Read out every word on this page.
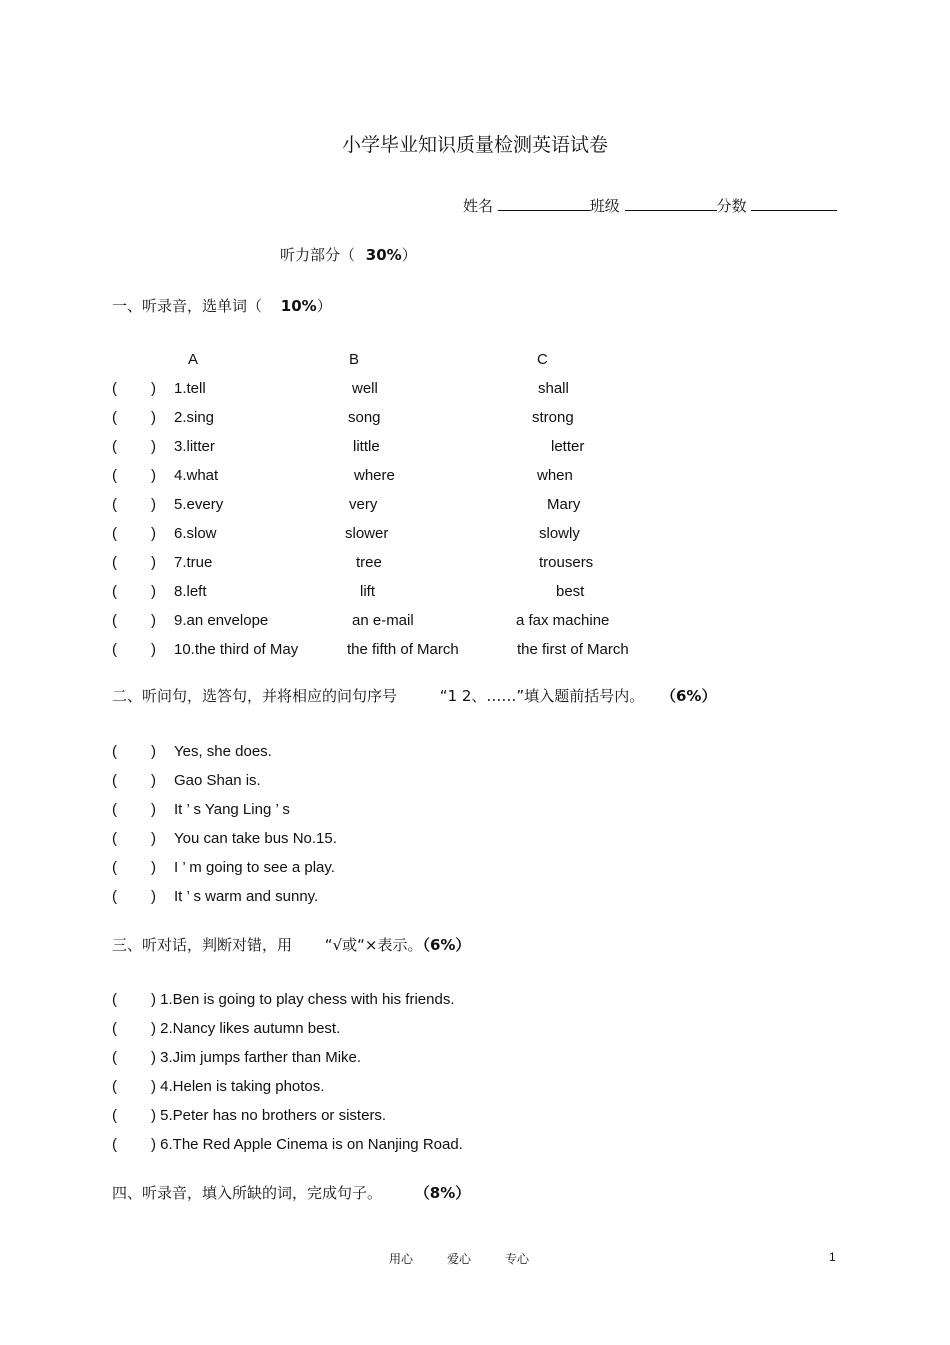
小学毕业知识质量检测英语试卷
姓名	班级	分数
听力部分（ 30%）
一、听录音，选单词（ 10%）
A	B	C
( ) 1.tell	well	shall
( ) 2.sing	song	strong
( ) 3.litter	little	letter
( ) 4.what	where	when
( ) 5.every	very	Mary
( ) 6.slow	slower	slowly
( ) 7.true	tree	trousers
( ) 8.left	lift	best
( ) 9.an envelope	an e-mail	a fax machine
( ) 10.the third of May	the fifth of March	the first of March
二、听问句，选答句，并将相应的问句序号	“1 2、……”填入题前括号内。 （6%）
( ) Yes, she does.
( ) Gao Shan is.
( ) It ’ s Yang Ling ’ s
( ) You can take bus No.15.
( ) I ’ m going to see a play.
( ) It ’ s warm and sunny.
三、听对话，判断对错，用 “√或“×表示。（6%）
( ) 1.Ben is going to play chess with his friends.
( ) 2.Nancy likes autumn best.
( ) 3.Jim jumps farther than Mike.
( ) 4.Helen is taking photos.
( ) 5.Peter has no brothers or sisters.
( ) 6.The Red Apple Cinema is on Nanjing Road.
四、听录音，填入所缺的词，完成句子。 （8%）
用心	爱心	专心	1
